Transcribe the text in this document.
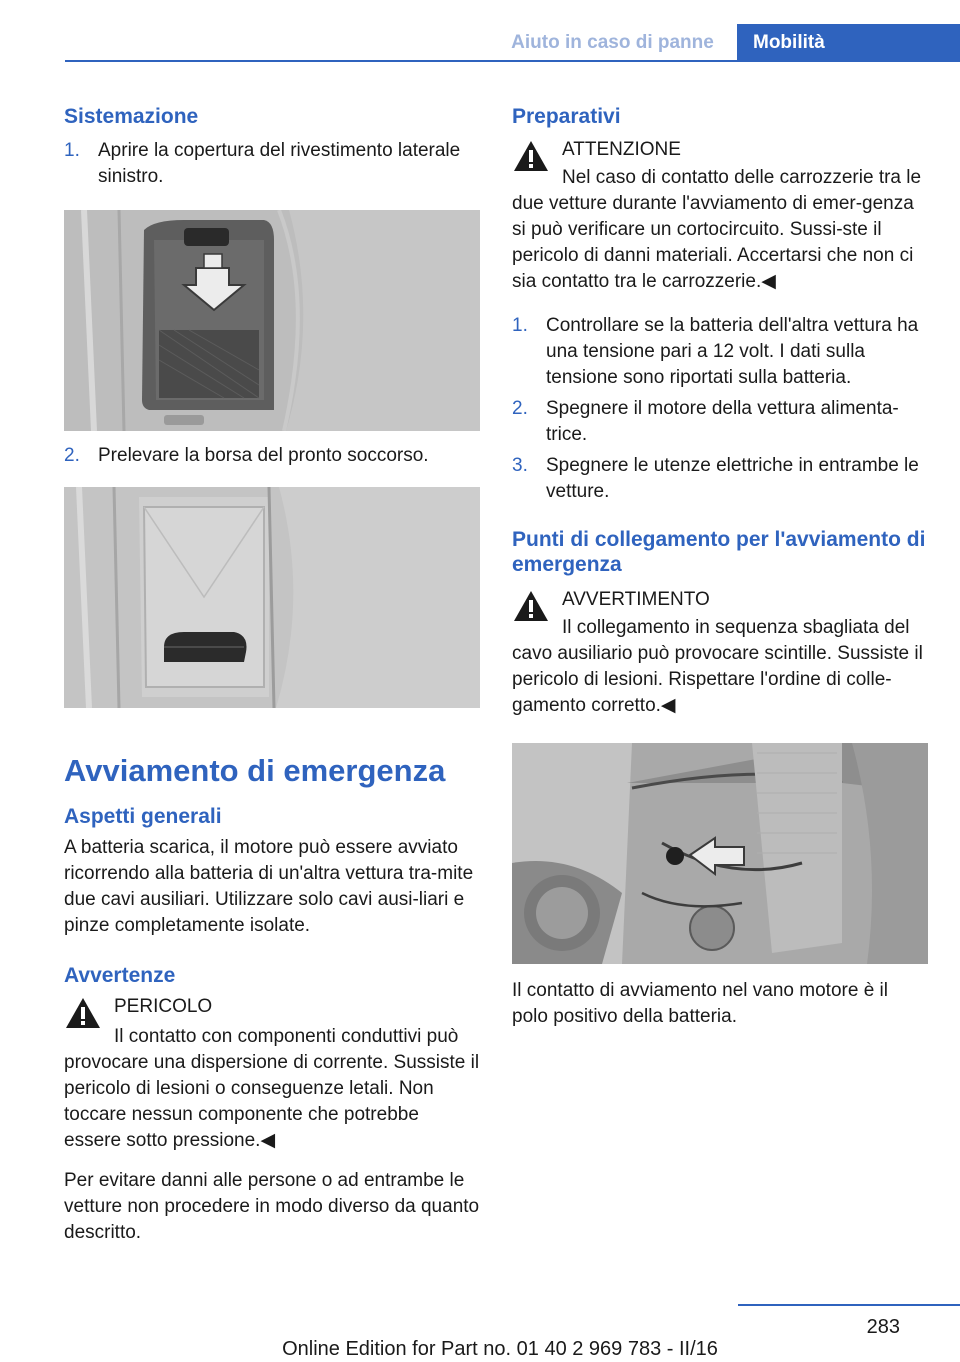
Aiuto in caso di panne	Mobilità
Sistemazione
1. Aprire la copertura del rivestimento laterale sinistro.
2. Prelevare la borsa del pronto soccorso.
Avviamento di emergenza
Aspetti generali

A batteria scarica, il motore può essere avviato ricorrendo alla batteria di un'altra vettura tra-mite due cavi ausiliari. Utilizzare solo cavi ausi-liari e pinze completamente isolate.

Avvertenze
PERICOLO
Il contatto con componenti conduttivi può provocare una dispersione di corrente. Sussiste il pericolo di lesioni o conseguenze letali. Non toccare nessun componente che potrebbe essere sotto pressione.◀

Per evitare danni alle persone o ad entrambe le vetture non procedere in modo diverso da quanto descritto.

Preparativi
ATTENZIONE
Nel caso di contatto delle carrozzerie tra le due vetture durante l'avviamento di emer-genza si può verificare un cortocircuito. Sussi-ste il pericolo di danni materiali. Accertarsi che non ci sia contatto tra le carrozzerie.◀
1. Controllare se la batteria dell'altra vettura ha una tensione pari a 12 volt. I dati sulla tensione sono riportati sulla batteria.
2. Spegnere il motore della vettura alimenta-trice.
3. Spegnere le utenze elettriche in entrambe le vetture.
Punti di collegamento per l'avviamento di emergenza
AVVERTIMENTO
Il collegamento in sequenza sbagliata del cavo ausiliario può provocare scintille. Sussiste il pericolo di lesioni. Rispettare l'ordine di colle-gamento corretto.◀

Il contatto di avviamento nel vano motore è il polo positivo della batteria.

283
Online Edition for Part no. 01 40 2 969 783 - II/16
